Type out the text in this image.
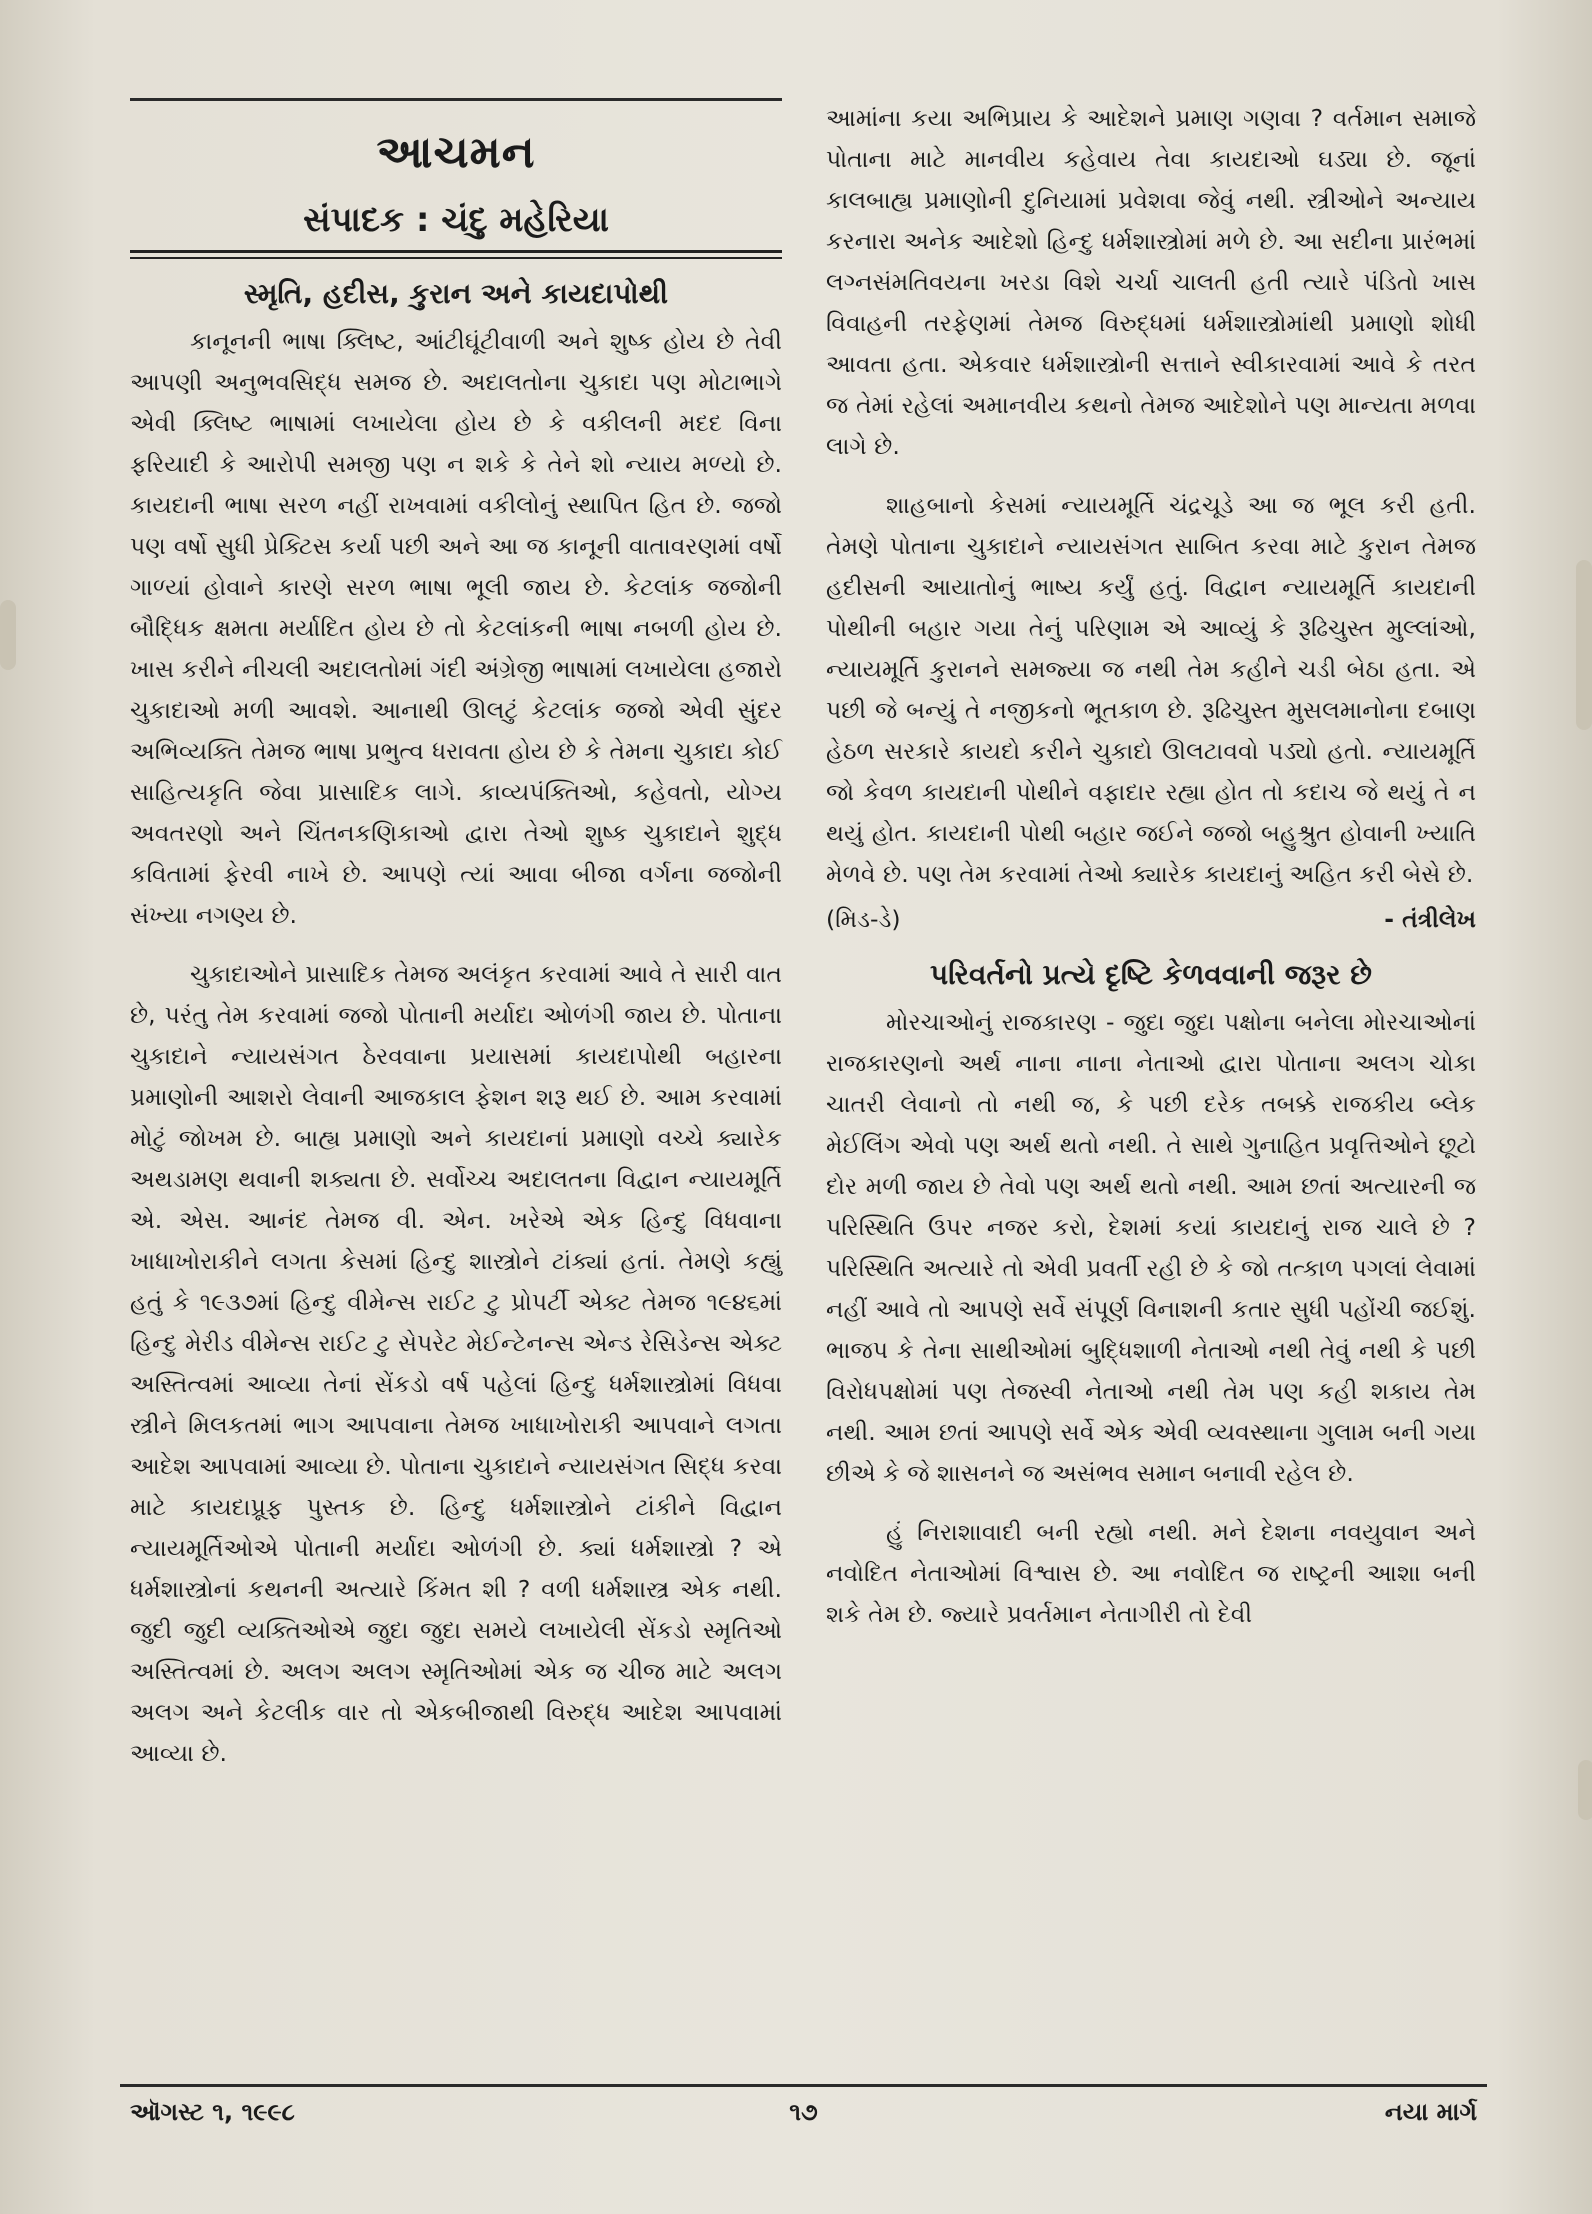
આચમન
સંપાદક : ચંદુ મહેરિયા
સ્મૃતિ, હદીસ, કુરાન અને કાયદાપોથી

કાનૂનની ભાષા ક્લિષ્ટ, આંટીઘૂંટીવાળી અને શુષ્ક હોય છે તેવી આપણી અનુભવસિદ્ધ સમજ છે. અદાલતોના ચુકાદા પણ મોટાભાગે એવી ક્લિષ્ટ ભાષામાં લખાયેલા હોય છે કે વકીલની મદદ વિના ફરિયાદી કે આરોપી સમજી પણ ન શકે કે તેને શો ન્યાય મળ્યો છે. કાયદાની ભાષા સરળ નહીં રાખવામાં વકીલોનું સ્થાપિત હિત છે. જજો પણ વર્ષો સુધી પ્રેક્ટિસ કર્યા પછી અને આ જ કાનૂની વાતાવરણમાં વર્ષો ગાળ્યાં હોવાને કારણે સરળ ભાષા ભૂલી જાય છે. કેટલાંક જજોની બૌદ્ધિક ક્ષમતા મર્યાદિત હોય છે તો કેટલાંકની ભાષા નબળી હોય છે. ખાસ કરીને નીચલી અદાલતોમાં ગંદી અંગ્રેજી ભાષામાં લખાયેલા હજારો ચુકાદાઓ મળી આવશે. આનાથી ઊલટું કેટલાંક જજો એવી સુંદર અભિવ્યક્તિ તેમજ ભાષા પ્રભુત્વ ધરાવતા હોય છે કે તેમના ચુકાદા કોઈ સાહિત્યકૃતિ જેવા પ્રાસાદિક લાગે. કાવ્યપંક્તિઓ, કહેવતો, યોગ્ય અવતરણો અને ચિંતનકણિકાઓ દ્વારા તેઓ શુષ્ક ચુકાદાને શુદ્ધ કવિતામાં ફેરવી નાખે છે. આપણે ત્યાં આવા બીજા વર્ગના જજોની સંખ્યા નગણ્ય છે.

ચુકાદાઓને પ્રાસાદિક તેમજ અલંકૃત કરવામાં આવે તે સારી વાત છે, પરંતુ તેમ કરવામાં જજો પોતાની મર્યાદા ઓળંગી જાય છે. પોતાના ચુકાદાને ન્યાયસંગત ઠેરવવાના પ્રયાસમાં કાયદાપોથી બહારના પ્રમાણોની આશરો લેવાની આજકાલ ફેશન શરૂ થઈ છે. આમ કરવામાં મોટું જોખમ છે. બાહ્ય પ્રમાણો અને કાયદાનાં પ્રમાણો વચ્ચે ક્યારેક અથડામણ થવાની શક્યતા છે. સર્વોચ્ચ અદાલતના વિદ્વાન ન્યાયમૂર્તિ એ. એસ. આનંદ તેમજ વી. એન. ખરેએ એક હિન્દુ વિધવાના ખાધાખોરાકીને લગતા કેસમાં હિન્દુ શાસ્ત્રોને ટાંક્યાં હતાં. તેમણે કહ્યું હતું કે ૧૯૩૭માં હિન્દુ વીમેન્સ રાઈટ ટુ પ્રોપર્ટી એક્ટ તેમજ ૧૯૪૬માં હિન્દુ મેરીડ વીમેન્સ રાઈટ ટુ સેપરેટ મેઈન્ટેનન્સ એન્ડ રેસિડેન્સ એક્ટ અસ્તિત્વમાં આવ્યા તેનાં સેંકડો વર્ષ પહેલાં હિન્દુ ધર્મશાસ્ત્રોમાં વિધવા સ્ત્રીને મિલકતમાં ભાગ આપવાના તેમજ ખાધાખોરાકી આપવાને લગતા આદેશ આપવામાં આવ્યા છે. પોતાના ચુકાદાને ન્યાયસંગત સિદ્ધ કરવા માટે કાયદાપ્રૂફ પુસ્તક છે. હિન્દુ ધર્મશાસ્ત્રોને ટાંકીને વિદ્વાન ન્યાયમૂર્તિઓએ પોતાની મર્યાદા ઓળંગી છે. ક્યાં ધર્મશાસ્ત્રો ? એ ધર્મશાસ્ત્રોનાં કથનની અત્યારે કિંમત શી ? વળી ધર્મશાસ્ત્ર એક નથી. જુદી જુદી વ્યક્તિઓએ જુદા જુદા સમયે લખાયેલી સેંકડો સ્મૃતિઓ અસ્તિત્વમાં છે. અલગ અલગ સ્મૃતિઓમાં એક જ ચીજ માટે અલગ અલગ અને કેટલીક વાર તો એકબીજાથી વિરુદ્ધ આદેશ આપવામાં આવ્યા છે.

આમાંના કયા અભિપ્રાય કે આદેશને પ્રમાણ ગણવા ? વર્તમાન સમાજે પોતાના માટે માનવીય કહેવાય તેવા કાયદાઓ ઘડ્યા છે. જૂનાં કાલબાહ્ય પ્રમાણોની દુનિયામાં પ્રવેશવા જેવું નથી. સ્ત્રીઓને અન્યાય કરનારા અનેક આદેશો હિન્દુ ધર્મશાસ્ત્રોમાં મળે છે. આ સદીના પ્રારંભમાં લગ્નસંમતિવયના ખરડા વિશે ચર્ચા ચાલતી હતી ત્યારે પંડિતો ખાસ વિવાહની તરફેણમાં તેમજ વિરુદ્ધમાં ધર્મશાસ્ત્રોમાંથી પ્રમાણો શોધી આવતા હતા. એકવાર ધર્મશાસ્ત્રોની સત્તાને સ્વીકારવામાં આવે કે તરત જ તેમાં રહેલાં અમાનવીય કથનો તેમજ આદેશોને પણ માન્યતા મળવા લાગે છે.

શાહબાનો કેસમાં ન્યાયમૂર્તિ ચંદ્રચૂડે આ જ ભૂલ કરી હતી. તેમણે પોતાના ચુકાદાને ન્યાયસંગત સાબિત કરવા માટે કુરાન તેમજ હદીસની આયાતોનું ભાષ્ય કર્યું હતું. વિદ્વાન ન્યાયમૂર્તિ કાયદાની પોથીની બહાર ગયા તેનું પરિણામ એ આવ્યું કે રૂઢિચુસ્ત મુલ્લાંઓ, ન્યાયમૂર્તિ કુરાનને સમજ્યા જ નથી તેમ કહીને ચડી બેઠા હતા. એ પછી જે બન્યું તે નજીકનો ભૂતકાળ છે. રૂઢિચુસ્ત મુસલમાનોના દબાણ હેઠળ સરકારે કાયદો કરીને ચુકાદો ઊલટાવવો પડ્યો હતો. ન્યાયમૂર્તિ જો કેવળ કાયદાની પોથીને વફાદાર રહ્યા હોત તો કદાચ જે થયું તે ન થયું હોત. કાયદાની પોથી બહાર જઈને જજો બહુશ્રુત હોવાની ખ્યાતિ મેળવે છે. પણ તેમ કરવામાં તેઓ ક્યારેક કાયદાનું અહિત કરી બેસે છે.

(મિડ-ડે)	- તંત્રીલેખ
પરિવર્તનો પ્રત્યે દૃષ્ટિ કેળવવાની જરૂર છે

મોરચાઓનું રાજકારણ - જુદા જુદા પક્ષોના બનેલા મોરચાઓનાં રાજકારણનો અર્થ નાના નાના નેતાઓ દ્વારા પોતાના અલગ ચોકા ચાતરી લેવાનો તો નથી જ, કે પછી દરેક તબક્કે રાજકીય બ્લેક મેઈલિંગ એવો પણ અર્થ થતો નથી. તે સાથે ગુનાહિત પ્રવૃત્તિઓને છૂટો દોર મળી જાય છે તેવો પણ અર્થ થતો નથી. આમ છતાં અત્યારની જ પરિસ્થિતિ ઉપર નજર કરો, દેશમાં કયાં કાયદાનું રાજ ચાલે છે ? પરિસ્થિતિ અત્યારે તો એવી પ્રવર્તી રહી છે કે જો તત્કાળ પગલાં લેવામાં નહીં આવે તો આપણે સર્વે સંપૂર્ણ વિનાશની કતાર સુધી પહોંચી જઈશું. ભાજપ કે તેના સાથીઓમાં બુદ્ધિશાળી નેતાઓ નથી તેવું નથી કે પછી વિરોધપક્ષોમાં પણ તેજસ્વી નેતાઓ નથી તેમ પણ કહી શકાય તેમ નથી. આમ છતાં આપણે સર્વે એક એવી વ્યવસ્થાના ગુલામ બની ગયા છીએ કે જે શાસનને જ અસંભવ સમાન બનાવી રહેલ છે.

હું નિરાશાવાદી બની રહ્યો નથી. મને દેશના નવયુવાન અને નવોદિત નેતાઓમાં વિશ્વાસ છે. આ નવોદિત જ રાષ્ટ્રની આશા બની શકે તેમ છે. જ્યારે પ્રવર્તમાન નેતાગીરી તો દેવી

ઑગસ્ટ ૧, ૧૯૯૮	૧૭	નયા માર્ગ
